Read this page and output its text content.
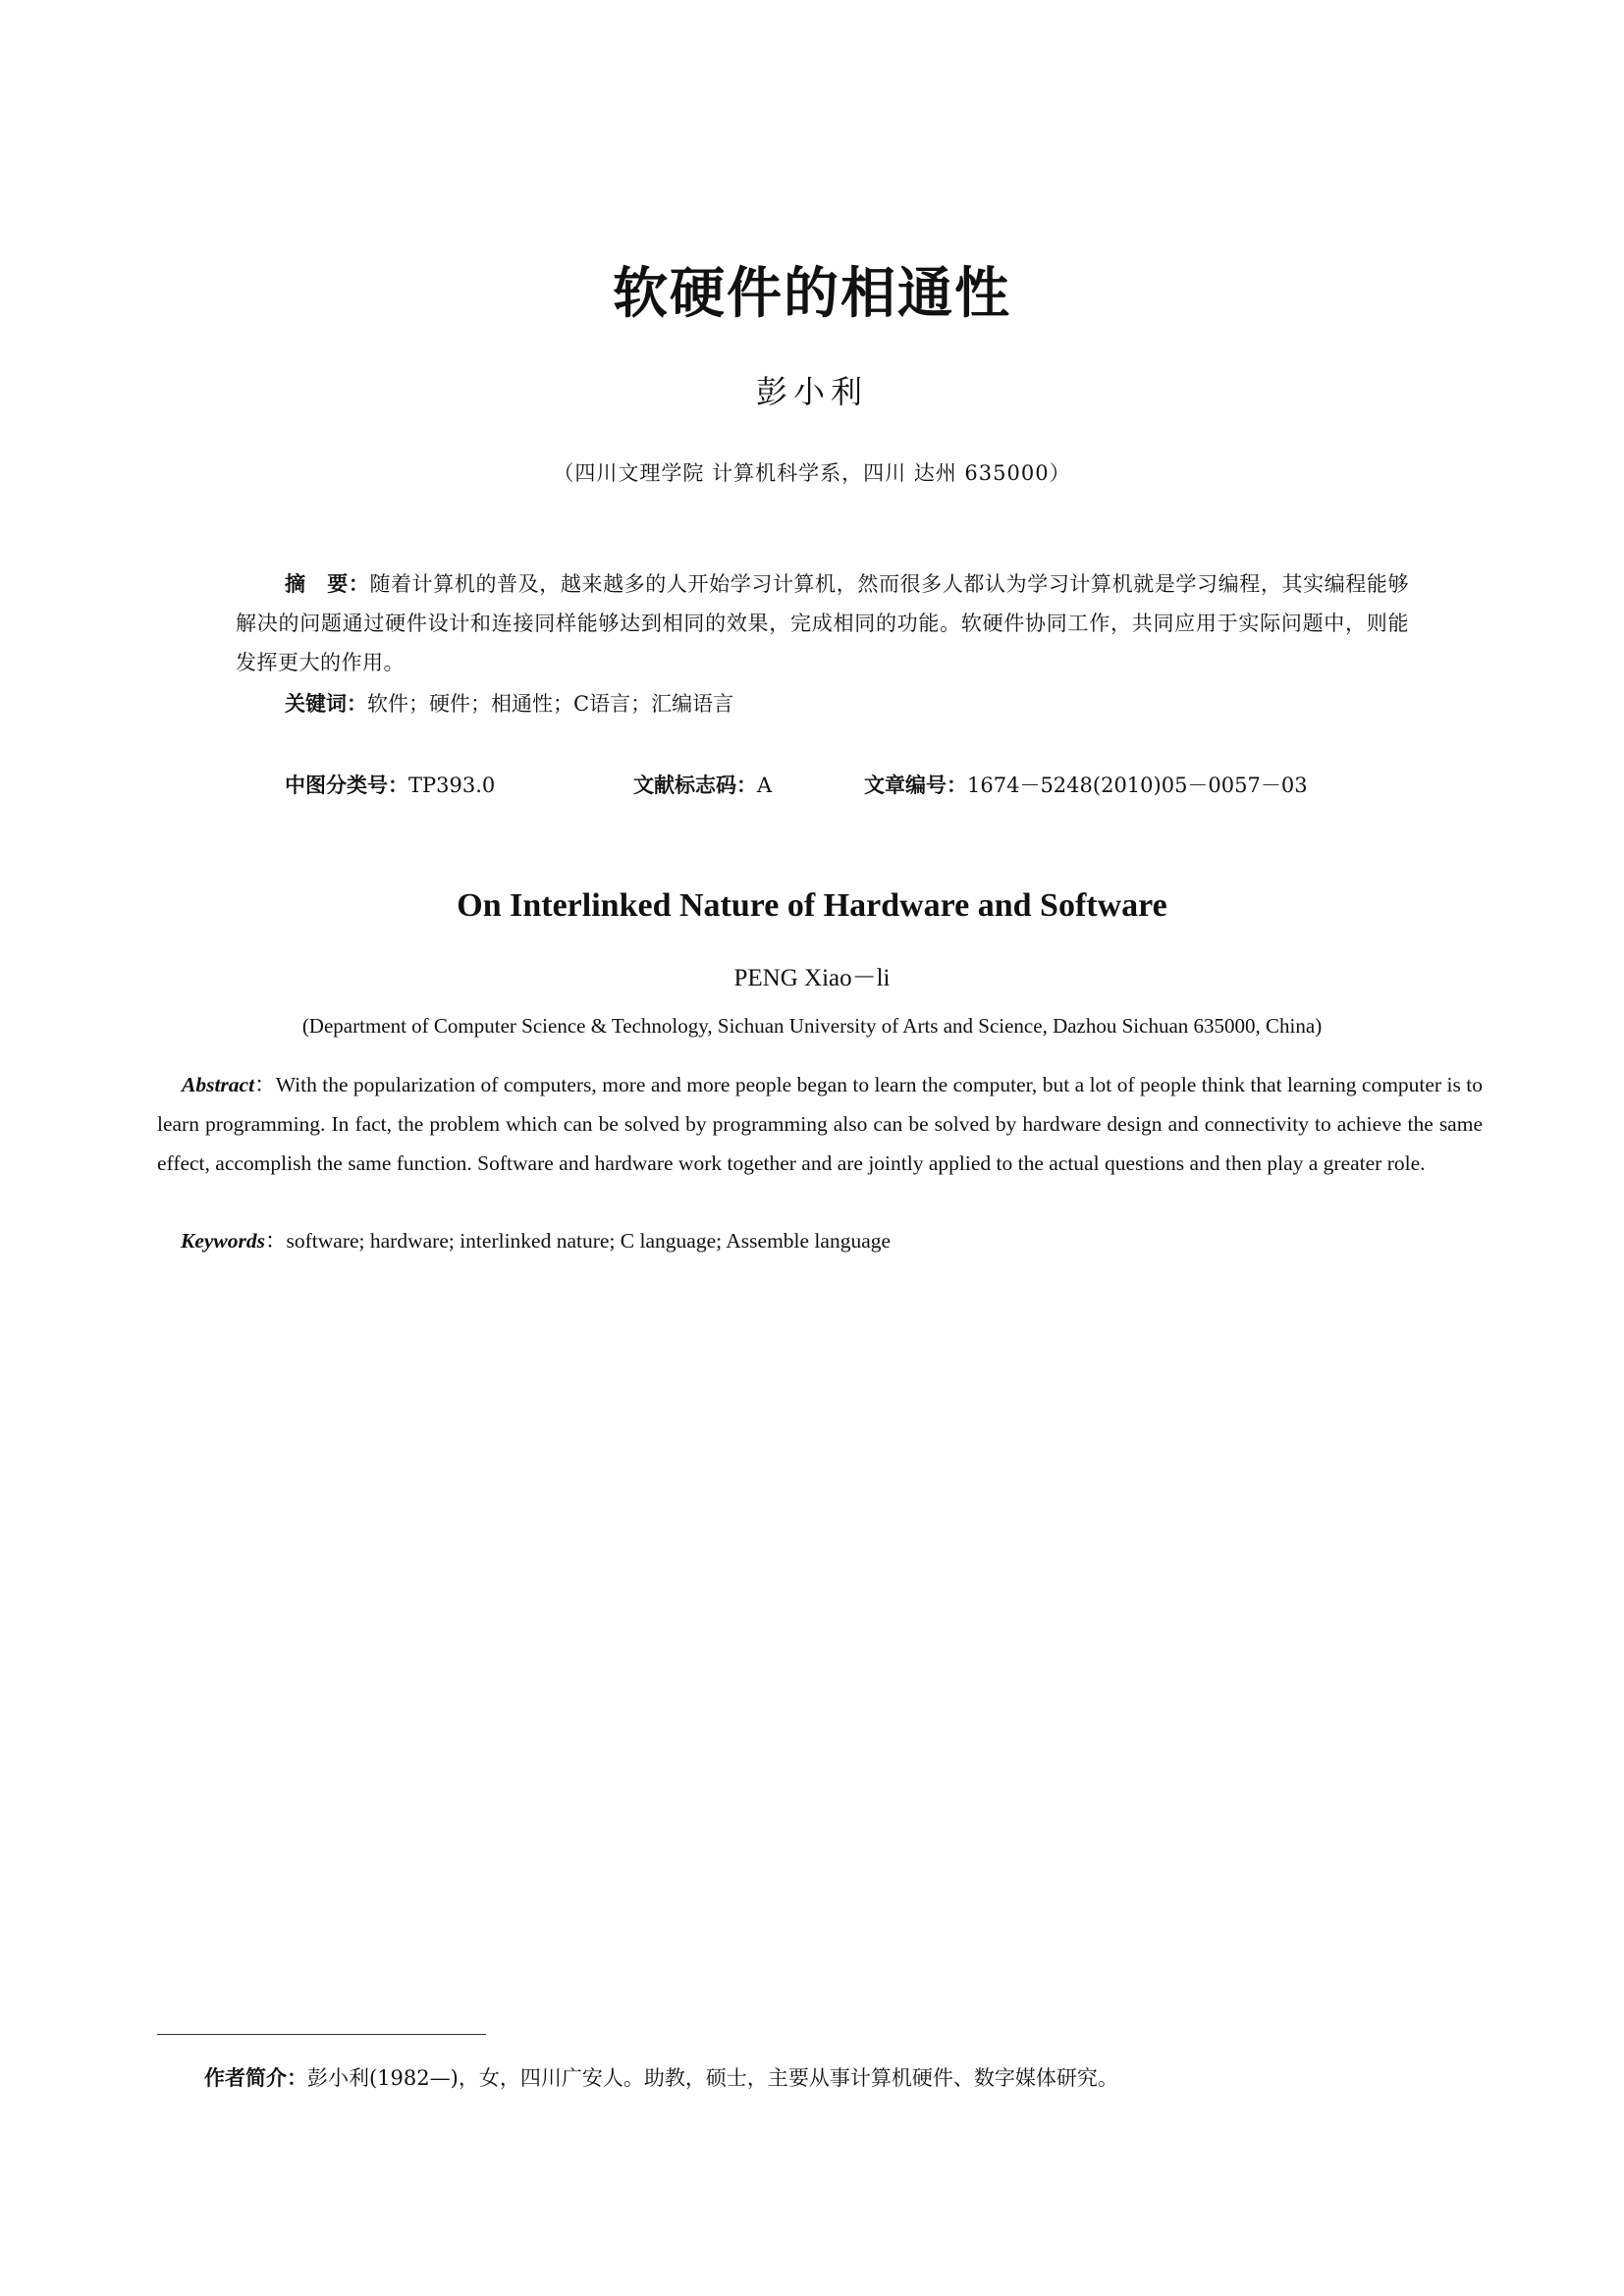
软硬件的相通性
彭小利
（四川文理学院 计算机科学系，四川 达州 635000）
摘　要：随着计算机的普及，越来越多的人开始学习计算机，然而很多人都认为学习计算机就是学习编程，其实编程能够解决的问题通过硬件设计和连接同样能够达到相同的效果，完成相同的功能。软硬件协同工作，共同应用于实际问题中，则能发挥更大的作用。
关键词：软件；硬件；相通性；C语言；汇编语言
中图分类号：TP393.0	文献标志码：A	文章编号：1674－5248(2010)05－0057－03
On Interlinked Nature of Hardware and Software
PENG Xiao－li
(Department of Computer Science & Technology, Sichuan University of Arts and Science, Dazhou Sichuan 635000, China)
Abstract：With the popularization of computers, more and more people began to learn the computer, but a lot of people think that learning computer is to learn programming. In fact, the problem which can be solved by programming also can be solved by hardware design and connectivity to achieve the same effect, accomplish the same function. Software and hardware work together and are jointly applied to the actual questions and then play a greater role.
Keywords：software; hardware; interlinked nature; C language; Assemble language
作者简介：彭小利(1982—)，女，四川广安人。助教，硕士，主要从事计算机硬件、数字媒体研究。
